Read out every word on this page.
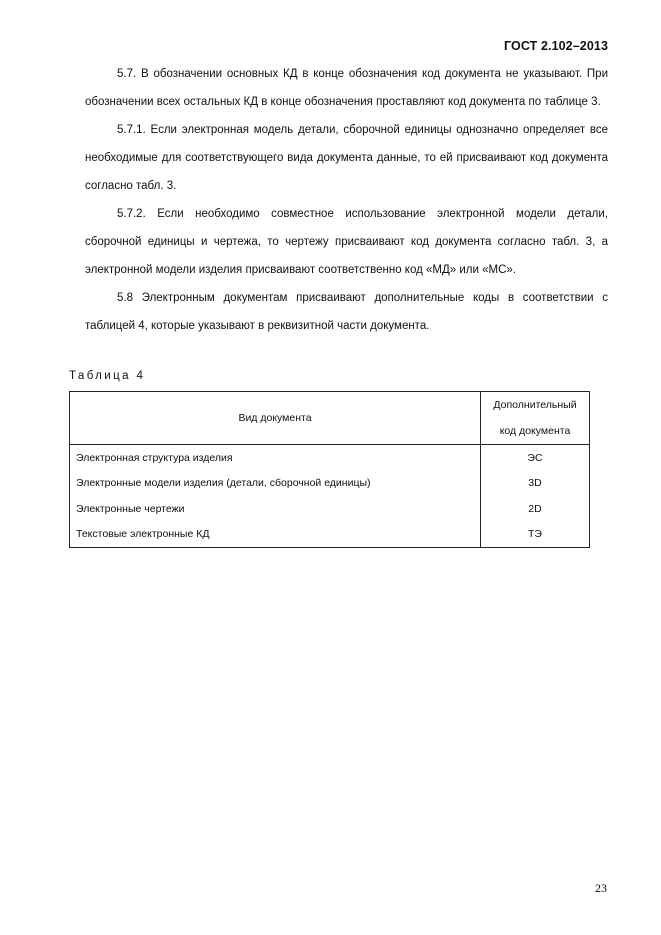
ГОСТ 2.102–2013

5.7. В обозначении основных КД в конце обозначения код документа не указывают. При обозначении всех остальных КД в конце обозначения проставляют код документа по таблице 3.

5.7.1. Если электронная модель детали, сборочной единицы однозначно определяет все необходимые для соответствующего вида документа данные, то ей присваивают код документа согласно табл. 3.

5.7.2. Если необходимо совместное использование электронной модели детали, сборочной единицы и чертежа, то чертежу присваивают код документа согласно табл. 3, а электронной модели изделия присваивают соответственно код «МД» или «МС».

5.8 Электронным документам присваивают дополнительные коды в соответствии с таблицей 4, которые указывают в реквизитной части документа.

Таблица 4
Вид документа	Дополнительный
код документа
Электронная структура изделия	ЭС
Электронные модели изделия (детали, сборочной единицы)	3D
Электронные чертежи	2D
Текстовые электронные КД	ТЭ
23
